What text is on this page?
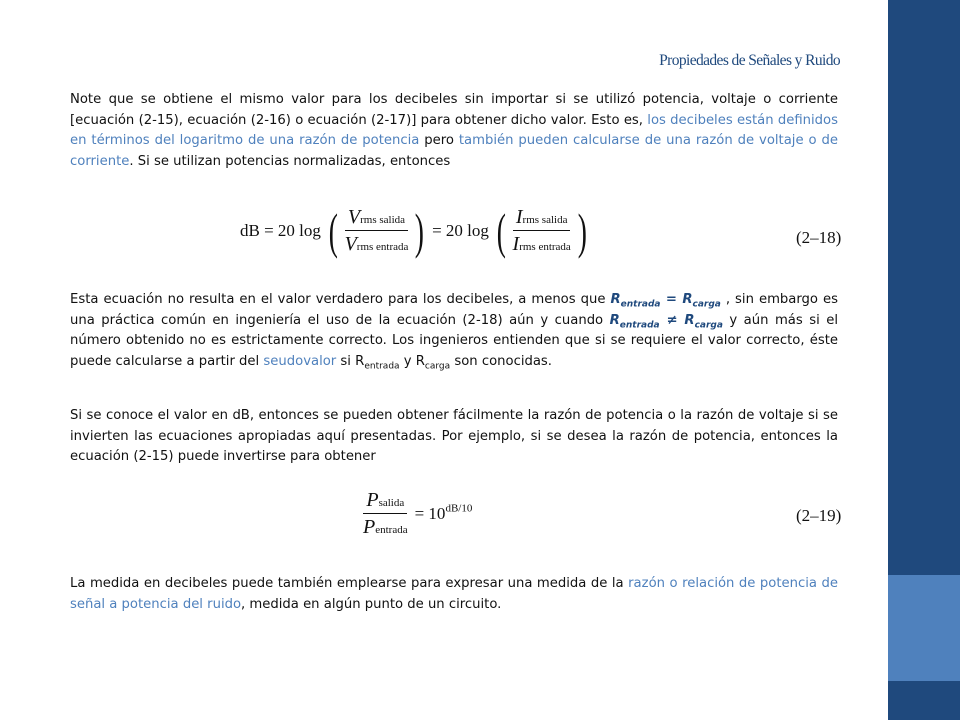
Propiedades de Señales y Ruido

Note que se obtiene el mismo valor para los decibeles sin importar si se utilizó potencia, voltaje o corriente [ecuación (2-15), ecuación (2-16) o ecuación (2-17)] para obtener dicho valor. Esto es, los decibeles están definidos en términos del logaritmo de una razón de potencia pero también pueden calcularse de una razón de voltaje o de corriente. Si se utilizan potencias normalizadas, entonces

dB = 20 log ( $\frac{\text{Vrms salida}}{\text{Vrms entrada}}$ ) = 20 log ( $\frac{\text{Irms salida}}{\text{Irms entrada}}$ )	(2–18)

Esta ecuación no resulta en el valor verdadero para los decibeles, a menos que $R_{entrada} = R_{carga}$ , sin embargo es una práctica común en ingeniería el uso de la ecuación (2-18) aún y cuando $R_{entrada} \ne R_{carga}$ y aún más si el número obtenido no es estrictamente correcto. Los ingenieros entienden que si se requiere el valor correcto, éste puede calcularse a partir del seudovalor si $R_{entrada}$ y $R_{carga}$ son conocidas.

Si se conoce el valor en dB, entonces se pueden obtener fácilmente la razón de potencia o la razón de voltaje si se invierten las ecuaciones apropiadas aquí presentadas. Por ejemplo, si se desea la razón de potencia, entonces la ecuación (2-15) puede invertirse para obtener

$\frac{\text{Psalida}}{\text{Pentrada}} = 10^{dB/10}$	(2–19)

La medida en decibeles puede también emplearse para expresar una medida de la razón o relación de potencia de señal a potencia del ruido, medida en algún punto de un circuito.
